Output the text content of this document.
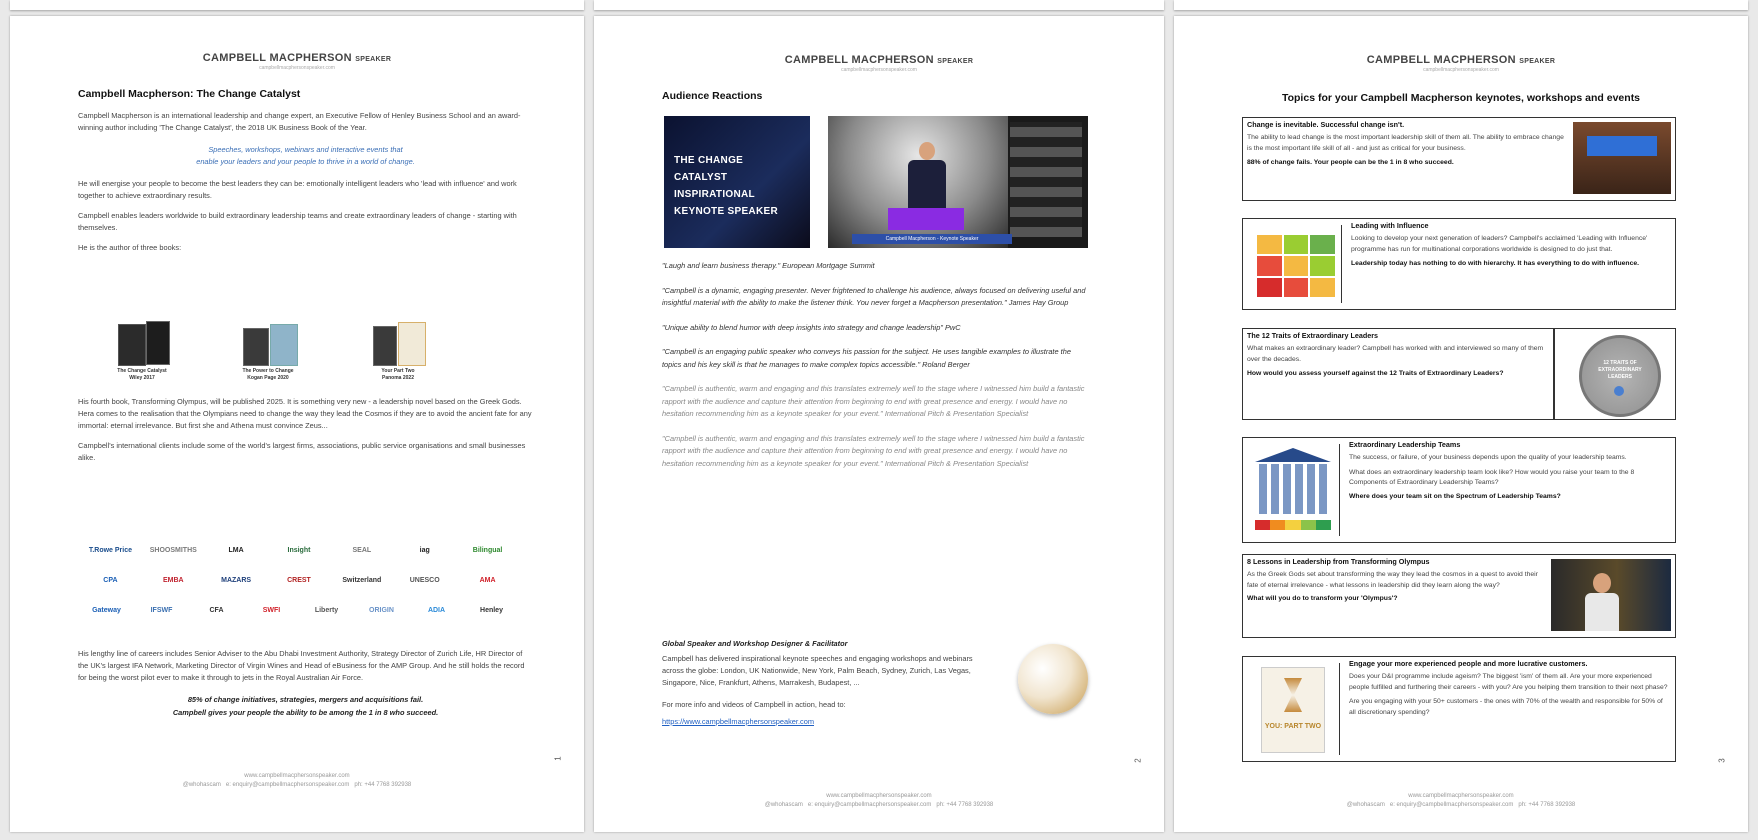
CAMPBELL MACPHERSON SPEAKER
campbellmacphersonspeaker.com
Campbell Macpherson: The Change Catalyst
Campbell Macpherson is an international leadership and change expert, an Executive Fellow of Henley Business School and an award-winning author including 'The Change Catalyst', the 2018 UK Business Book of the Year.
Speeches, workshops, webinars and interactive events that
enable your leaders and your people to thrive in a world of change.
He will energise your people to become the best leaders they can be: emotionally intelligent leaders who 'lead with influence' and work together to achieve extraordinary results.
Campbell enables leaders worldwide to build extraordinary leadership teams and create extraordinary leaders of change - starting with themselves.
He is the author of three books:
The Change Catalyst
Wiley 2017
The Power to Change
Kogan Page 2020
Your Part Two
Panoma 2022
His fourth book, Transforming Olympus, will be published 2025. It is something very new - a leadership novel based on the Greek Gods. Hera comes to the realisation that the Olympians need to change the way they lead the Cosmos if they are to avoid the ancient fate for any immortal: eternal irrelevance. But first she and Athena must convince Zeus...
Campbell's international clients include some of the world's largest firms, associations, public service organisations and small businesses alike.
T.Rowe Price	SHOOSMITHS	LMA	Insight	SEAL	iag	Bilingual
CPA	EMBA	MAZARS	CREST	Switzerland	UNESCO	AMA
Gateway	IFSWF	CFA	SWFI	Liberty	ORIGIN	ADIA	Henley
His lengthy line of careers includes Senior Adviser to the Abu Dhabi Investment Authority, Strategy Director of Zurich Life, HR Director of the UK's largest IFA Network, Marketing Director of Virgin Wines and Head of eBusiness for the AMP Group. And he still holds the record for being the worst pilot ever to make it through to jets in the Royal Australian Air Force.
85% of change initiatives, strategies, mergers and acquisitions fail.
Campbell gives your people the ability to be among the 1 in 8 who succeed.
1
www.campbellmacphersonspeaker.com
@whohascam e: enquiry@campbellmacphersonspeaker.com ph: +44 7768 392938
CAMPBELL MACPHERSON SPEAKER
campbellmacphersonspeaker.com
Audience Reactions
THE CHANGE CATALYST INSPIRATIONAL KEYNOTE SPEAKER
Campbell Macpherson - Keynote Speaker
"Laugh and learn business therapy." European Mortgage Summit
"Campbell is a dynamic, engaging presenter. Never frightened to challenge his audience, always focused on delivering useful and insightful material with the ability to make the listener think. You never forget a Macpherson presentation." James Hay Group
"Unique ability to blend humor with deep insights into strategy and change leadership" PwC
"Campbell is an engaging public speaker who conveys his passion for the subject. He uses tangible examples to illustrate the topics and his key skill is that he manages to make complex topics accessible." Roland Berger
"Campbell is authentic, warm and engaging and this translates extremely well to the stage where I witnessed him build a fantastic rapport with the audience and capture their attention from beginning to end with great presence and energy. I would have no hesitation recommending him as a keynote speaker for your event." International Pitch & Presentation Specialist
"Campbell is authentic, warm and engaging and this translates extremely well to the stage where I witnessed him build a fantastic rapport with the audience and capture their attention from beginning to end with great presence and energy. I would have no hesitation recommending him as a keynote speaker for your event." International Pitch & Presentation Specialist
Global Speaker and Workshop Designer & Facilitator
Campbell has delivered inspirational keynote speeches and engaging workshops and webinars across the globe: London, UK Nationwide, New York, Palm Beach, Sydney, Zurich, Las Vegas, Singapore, Nice, Frankfurt, Athens, Marrakesh, Budapest, ...
For more info and videos of Campbell in action, head to:
https://www.campbellmacphersonspeaker.com
2
www.campbellmacphersonspeaker.com
@whohascam e: enquiry@campbellmacphersonspeaker.com ph: +44 7768 392938
CAMPBELL MACPHERSON SPEAKER
campbellmacphersonspeaker.com
Topics for your Campbell Macpherson keynotes, workshops and events
Change is inevitable. Successful change isn't.
The ability to lead change is the most important leadership skill of them all. The ability to embrace change is the most important life skill of all - and just as critical for your business.
88% of change fails. Your people can be the 1 in 8 who succeed.
Leading with Influence
Looking to develop your next generation of leaders? Campbell's acclaimed 'Leading with Influence' programme has run for multinational corporations worldwide is designed to do just that.
Leadership today has nothing to do with hierarchy. It has everything to do with influence.
The 12 Traits of Extraordinary Leaders
What makes an extraordinary leader? Campbell has worked with and interviewed so many of them over the decades.
How would you assess yourself against the 12 Traits of Extraordinary Leaders?
12 TRAITS OF EXTRAORDINARY LEADERS
Extraordinary Leadership Teams
The success, or failure, of your business depends upon the quality of your leadership teams.
What does an extraordinary leadership team look like? How would you raise your team to the 8 Components of Extraordinary Leadership Teams?
Where does your team sit on the Spectrum of Leadership Teams?
8 Lessons in Leadership from Transforming Olympus
As the Greek Gods set about transforming the way they lead the cosmos in a quest to avoid their fate of eternal irrelevance - what lessons in leadership did they learn along the way?
What will you do to transform your 'Olympus'?
YOU: PART TWO
Engage your more experienced people and more lucrative customers.
Does your D&I programme include ageism? The biggest 'ism' of them all. Are your more experienced people fulfilled and furthering their careers - with you? Are you helping them transition to their next phase?
Are you engaging with your 50+ customers - the ones with 70% of the wealth and responsible for 50% of all discretionary spending?
3
www.campbellmacphersonspeaker.com
@whohascam e: enquiry@campbellmacphersonspeaker.com ph: +44 7768 392938
